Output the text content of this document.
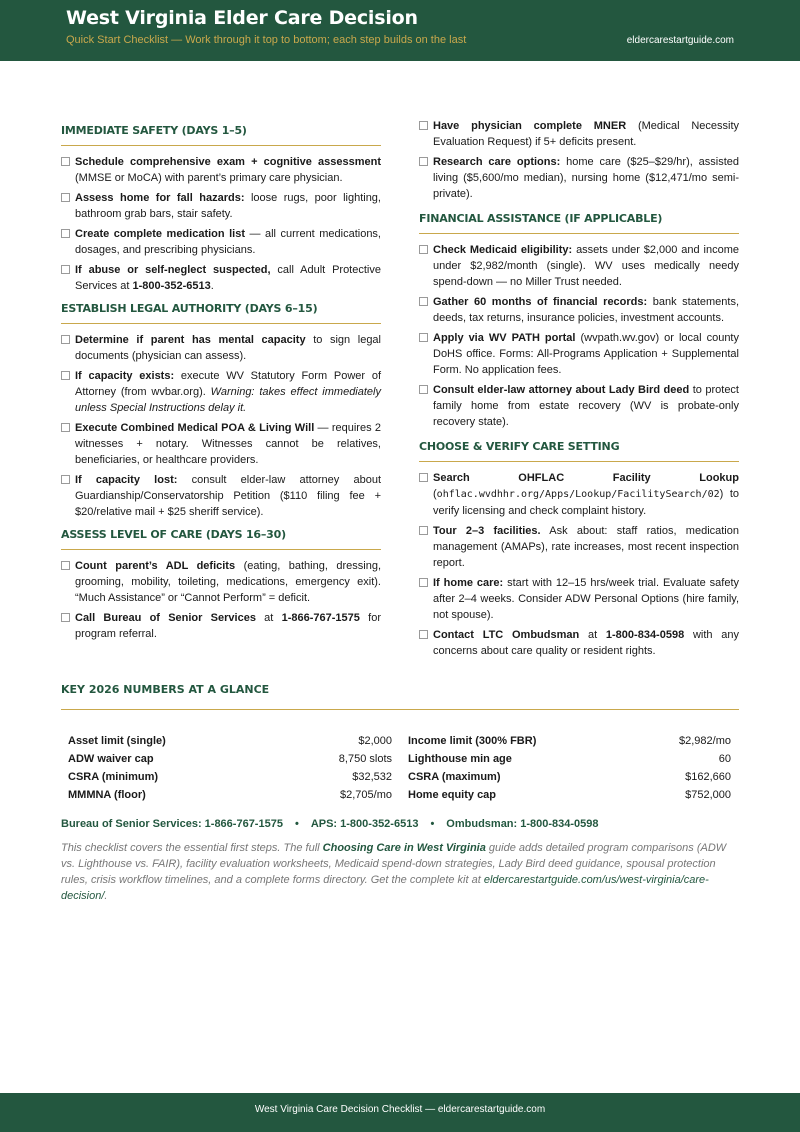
West Virginia Elder Care Decision
Quick Start Checklist — Work through it top to bottom; each step builds on the last	eldercarestartguide.com
IMMEDIATE SAFETY (DAYS 1–5)
Schedule comprehensive exam + cognitive assessment (MMSE or MoCA) with parent’s primary care physician.
Assess home for fall hazards: loose rugs, poor lighting, bathroom grab bars, stair safety.
Create complete medication list — all current medications, dosages, and prescribing physicians.
If abuse or self-neglect suspected, call Adult Protective Services at 1-800-352-6513.
ESTABLISH LEGAL AUTHORITY (DAYS 6–15)
Determine if parent has mental capacity to sign legal documents (physician can assess).
If capacity exists: execute WV Statutory Form Power of Attorney (from wvbar.org). Warning: takes effect immediately unless Special Instructions delay it.
Execute Combined Medical POA & Living Will — requires 2 witnesses + notary. Witnesses cannot be relatives, beneficiaries, or healthcare providers.
If capacity lost: consult elder-law attorney about Guardianship/Conservatorship Petition ($110 filing fee + $20/relative mail + $25 sheriff service).
ASSESS LEVEL OF CARE (DAYS 16–30)
Count parent’s ADL deficits (eating, bathing, dressing, grooming, mobility, toileting, medications, emergency exit). “Much Assistance” or “Cannot Perform” = deficit.
Call Bureau of Senior Services at 1-866-767-1575 for program referral.
Have physician complete MNER (Medical Necessity Evaluation Request) if 5+ deficits present.
Research care options: home care ($25–$29/hr), assisted living ($5,600/mo median), nursing home ($12,471/mo semi-private).
FINANCIAL ASSISTANCE (IF APPLICABLE)
Check Medicaid eligibility: assets under $2,000 and income under $2,982/month (single). WV uses medically needy spend-down — no Miller Trust needed.
Gather 60 months of financial records: bank statements, deeds, tax returns, insurance policies, investment accounts.
Apply via WV PATH portal (wvpath.wv.gov) or local county DoHS office. Forms: All-Programs Application + Supplemental Form. No application fees.
Consult elder-law attorney about Lady Bird deed to protect family home from estate recovery (WV is probate-only recovery state).
CHOOSE & VERIFY CARE SETTING
Search OHFLAC Facility Lookup (ohflac.wvdhhr.org/Apps/Lookup/FacilitySearch/02) to verify licensing and check complaint history.
Tour 2–3 facilities. Ask about: staff ratios, medication management (AMAPs), rate increases, most recent inspection report.
If home care: start with 12–15 hrs/week trial. Evaluate safety after 2–4 weeks. Consider ADW Personal Options (hire family, not spouse).
Contact LTC Ombudsman at 1-800-834-0598 with any concerns about care quality or resident rights.
KEY 2026 NUMBERS AT A GLANCE
Asset limit (single)	$2,000 Income limit (300% FBR)	$2,982/mo
ADW waiver cap	8,750 slots Lighthouse min age	60
CSRA (minimum)	$32,532 CSRA (maximum)	$162,660
MMMNA (floor)	$2,705/mo Home equity cap	$752,000
Bureau of Senior Services: 1-866-767-1575 • APS: 1-800-352-6513 • Ombudsman: 1-800-834-0598
This checklist covers the essential first steps. The full Choosing Care in West Virginia guide adds detailed program comparisons (ADW vs. Lighthouse vs. FAIR), facility evaluation worksheets, Medicaid spend-down strategies, Lady Bird deed guidance, spousal protection rules, crisis workflow timelines, and a complete forms directory. Get the complete kit at eldercarestartguide.com/us/west-virginia/care-decision/.
West Virginia Care Decision Checklist — eldercarestartguide.com
